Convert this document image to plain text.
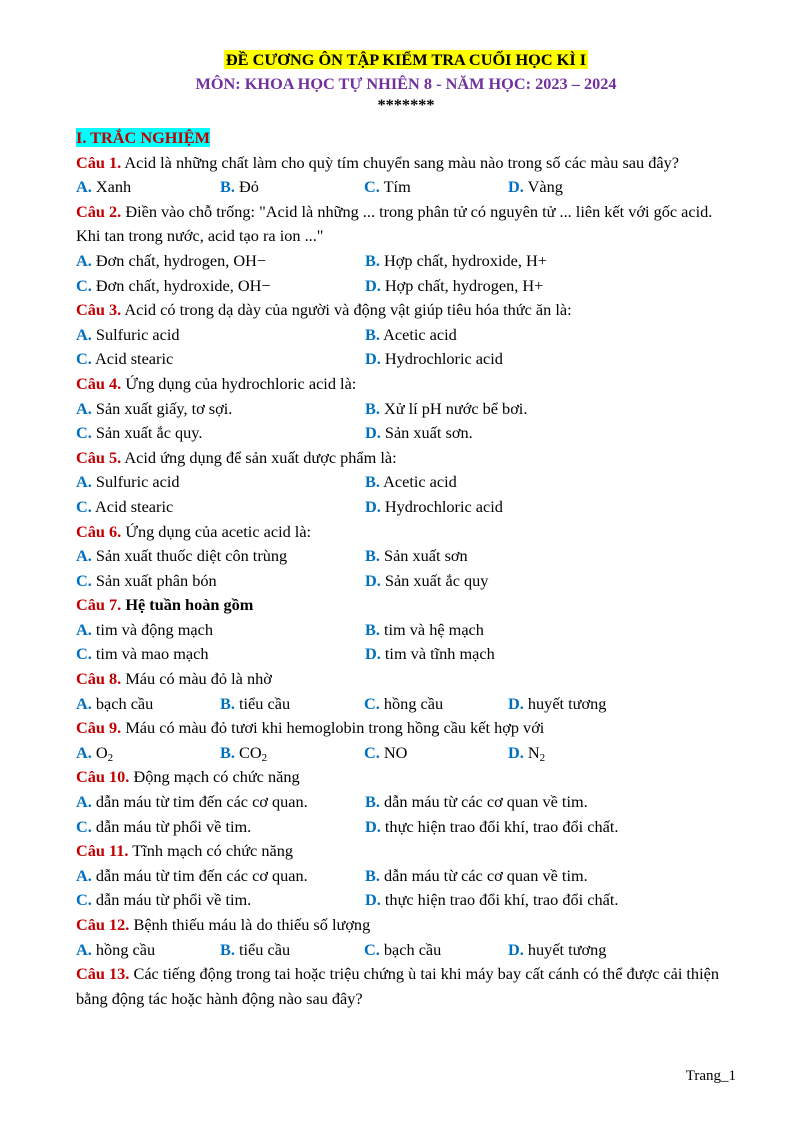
ĐỀ CƯƠNG ÔN TẬP KIỂM TRA CUỐI HỌC KÌ I
MÔN: KHOA HỌC TỰ NHIÊN 8 - NĂM HỌC: 2023 – 2024
*******
I. TRẮC NGHIỆM
Câu 1. Acid là những chất làm cho quỳ tím chuyển sang màu nào trong số các màu sau đây?
A. Xanh	B. Đỏ	C. Tím	D. Vàng
Câu 2. Điền vào chỗ trống: "Acid là những ... trong phân tử có nguyên tử ... liên kết với gốc acid. Khi tan trong nước, acid tạo ra ion ..."
A. Đơn chất, hydrogen, OH−	B. Hợp chất, hydroxide, H+
C. Đơn chất, hydroxide, OH−	D. Hợp chất, hydrogen, H+
Câu 3. Acid có trong dạ dày của người và động vật giúp tiêu hóa thức ăn là:
A. Sulfuric acid	B. Acetic acid
C. Acid stearic	D. Hydrochloric acid
Câu 4. Ứng dụng của hydrochloric acid là:
A. Sản xuất giấy, tơ sợi.	B. Xử lí pH nước bể bơi.
C. Sản xuất ắc quy.	D. Sản xuất sơn.
Câu 5. Acid ứng dụng để sản xuất dược phẩm là:
A. Sulfuric acid	B. Acetic acid
C. Acid stearic	D. Hydrochloric acid
Câu 6. Ứng dụng của acetic acid là:
A. Sản xuất thuốc diệt côn trùng	B. Sản xuất sơn
C. Sản xuất phân bón	D. Sản xuất ắc quy
Câu 7. Hệ tuần hoàn gồm
A. tim và động mạch	B. tim và hệ mạch
C. tim và mao mạch	D. tim và tĩnh mạch
Câu 8. Máu có màu đỏ là nhờ
A. bạch cầu	B. tiểu cầu	C. hồng cầu	D. huyết tương
Câu 9. Máu có màu đỏ tươi khi hemoglobin trong hồng cầu kết hợp với
A. $O_2$	B. $CO_2$	C. NO	D. $N_2$
Câu 10. Động mạch có chức năng
A. dẫn máu từ tim đến các cơ quan.	B. dẫn máu từ các cơ quan về tim.
C. dẫn máu từ phổi về tim.	D. thực hiện trao đổi khí, trao đổi chất.
Câu 11. Tĩnh mạch có chức năng
A. dẫn máu từ tim đến các cơ quan.	B. dẫn máu từ các cơ quan về tim.
C. dẫn máu từ phổi về tim.	D. thực hiện trao đổi khí, trao đổi chất.
Câu 12. Bệnh thiếu máu là do thiếu số lượng
A. hồng cầu	B. tiểu cầu	C. bạch cầu	D. huyết tương
Câu 13. Các tiếng động trong tai hoặc triệu chứng ù tai khi máy bay cất cánh có thể được cải thiện bằng động tác hoặc hành động nào sau đây?
Trang_1
